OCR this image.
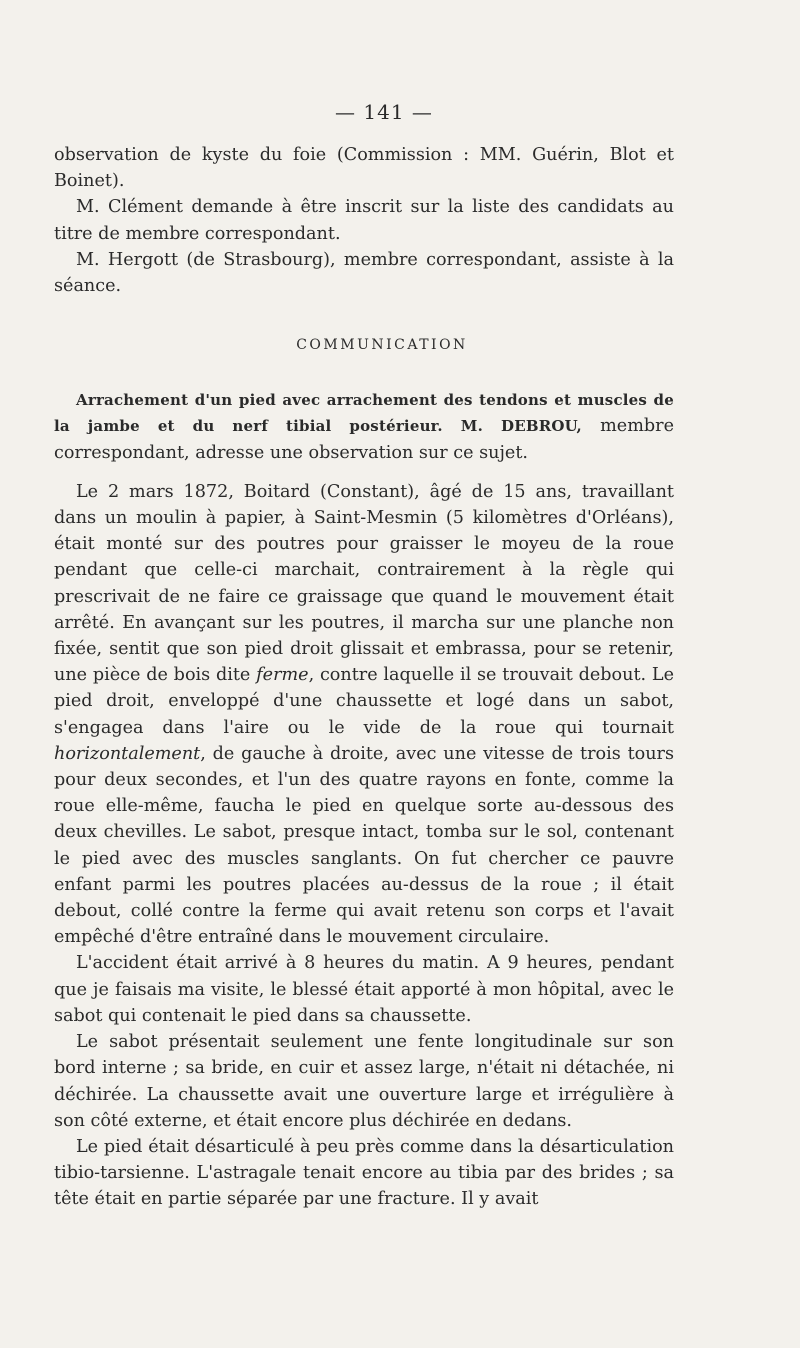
— 141 —

observation de kyste du foie (Commission : MM. Guérin, Blot et Boinet).

M. Clément demande à être inscrit sur la liste des candidats au titre de membre correspondant.

M. Hergott (de Strasbourg), membre correspondant, assiste à la séance.

COMMUNICATION

Arrachement d'un pied avec arrachement des tendons et muscles de la jambe et du nerf tibial postérieur. M. DEBROU, membre correspondant, adresse une observation sur ce sujet.

Le 2 mars 1872, Boitard (Constant), âgé de 15 ans, travaillant dans un moulin à papier, à Saint-Mesmin (5 kilomètres d'Orléans), était monté sur des poutres pour graisser le moyeu de la roue pendant que celle-ci marchait, contrairement à la règle qui prescrivait de ne faire ce graissage que quand le mouvement était arrêté. En avançant sur les poutres, il marcha sur une planche non fixée, sentit que son pied droit glissait et embrassa, pour se retenir, une pièce de bois dite ferme, contre laquelle il se trouvait debout. Le pied droit, enveloppé d'une chaussette et logé dans un sabot, s'engagea dans l'aire ou le vide de la roue qui tournait horizontalement, de gauche à droite, avec une vitesse de trois tours pour deux secondes, et l'un des quatre rayons en fonte, comme la roue elle-même, faucha le pied en quelque sorte au-dessous des deux chevilles. Le sabot, presque intact, tomba sur le sol, contenant le pied avec des muscles sanglants. On fut chercher ce pauvre enfant parmi les poutres placées au-dessus de la roue ; il était debout, collé contre la ferme qui avait retenu son corps et l'avait empêché d'être entraîné dans le mouvement circulaire.

L'accident était arrivé à 8 heures du matin. A 9 heures, pendant que je faisais ma visite, le blessé était apporté à mon hôpital, avec le sabot qui contenait le pied dans sa chaussette.

Le sabot présentait seulement une fente longitudinale sur son bord interne ; sa bride, en cuir et assez large, n'était ni détachée, ni déchirée. La chaussette avait une ouverture large et irrégulière à son côté externe, et était encore plus déchirée en dedans.

Le pied était désarticulé à peu près comme dans la désarticulation tibio-tarsienne. L'astragale tenait encore au tibia par des brides ; sa tête était en partie séparée par une fracture. Il y avait
